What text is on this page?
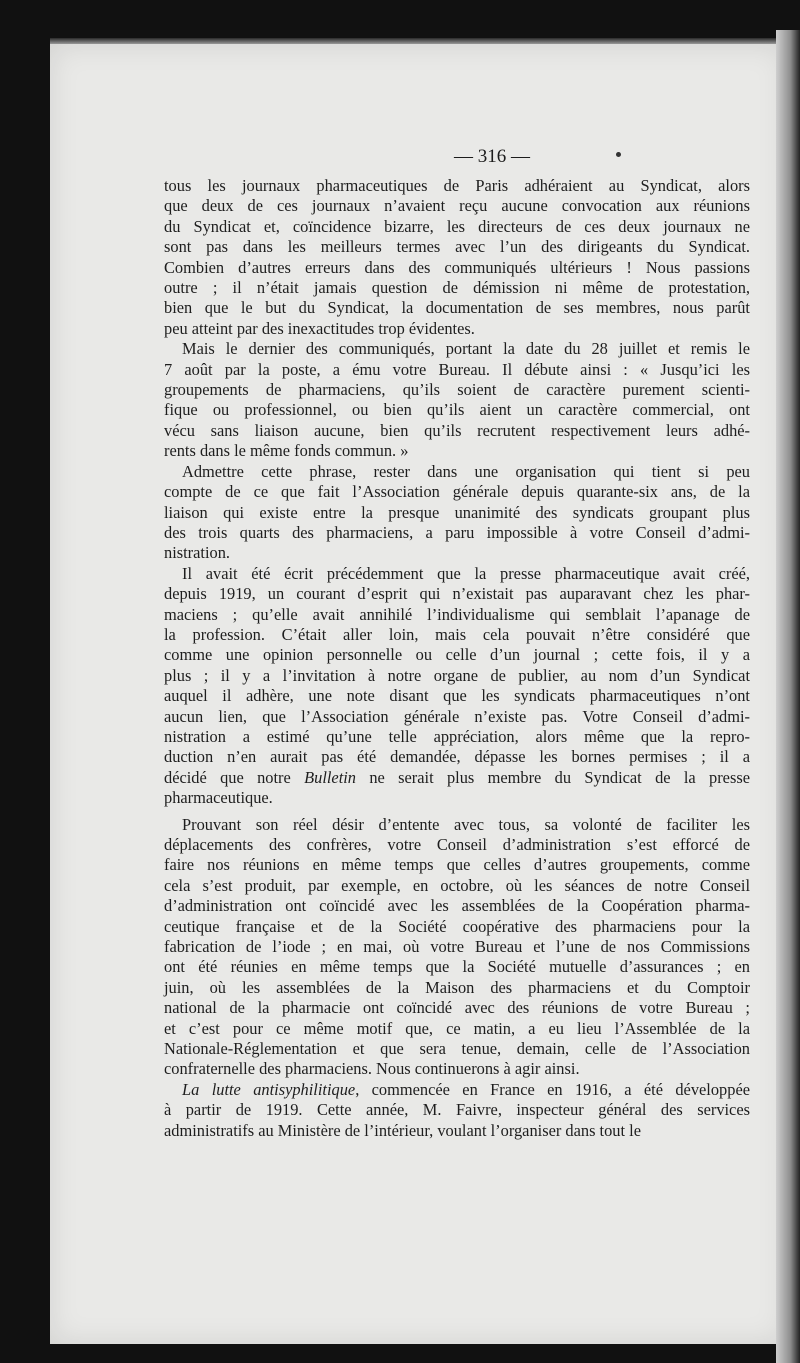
— 316 —
tous les journaux pharmaceutiques de Paris adhéraient au Syndicat, alors
que deux de ces journaux n’avaient reçu aucune convocation aux réunions
du Syndicat et, coïncidence bizarre, les directeurs de ces deux journaux ne
sont pas dans les meilleurs termes avec l’un des dirigeants du Syndicat.
Combien d’autres erreurs dans des communiqués ultérieurs ! Nous passions
outre ; il n’était jamais question de démission ni même de protestation,
bien que le but du Syndicat, la documentation de ses membres, nous parût
peu atteint par des inexactitudes trop évidentes.
Mais le dernier des communiqués, portant la date du 28 juillet et remis le
7 août par la poste, a ému votre Bureau. Il débute ainsi : « Jusqu’ici les
groupements de pharmaciens, qu’ils soient de caractère purement scienti-
fique ou professionnel, ou bien qu’ils aient un caractère commercial, ont
vécu sans liaison aucune, bien qu’ils recrutent respectivement leurs adhé-
rents dans le même fonds commun. »
Admettre cette phrase, rester dans une organisation qui tient si peu
compte de ce que fait l’Association générale depuis quarante-six ans, de la
liaison qui existe entre la presque unanimité des syndicats groupant plus
des trois quarts des pharmaciens, a paru impossible à votre Conseil d’admi-
nistration.
Il avait été écrit précédemment que la presse pharmaceutique avait créé,
depuis 1919, un courant d’esprit qui n’existait pas auparavant chez les phar-
maciens ; qu’elle avait annihilé l’individualisme qui semblait l’apanage de
la profession. C’était aller loin, mais cela pouvait n’être considéré que
comme une opinion personnelle ou celle d’un journal ; cette fois, il y a
plus ; il y a l’invitation à notre organe de publier, au nom d’un Syndicat
auquel il adhère, une note disant que les syndicats pharmaceutiques n’ont
aucun lien, que l’Association générale n’existe pas. Votre Conseil d’admi-
nistration a estimé qu’une telle appréciation, alors même que la repro-
duction n’en aurait pas été demandée, dépasse les bornes permises ; il a
décidé que notre Bulletin ne serait plus membre du Syndicat de la presse
pharmaceutique.
Prouvant son réel désir d’entente avec tous, sa volonté de faciliter les
déplacements des confrères, votre Conseil d’administration s’est efforcé de
faire nos réunions en même temps que celles d’autres groupements, comme
cela s’est produit, par exemple, en octobre, où les séances de notre Conseil
d’administration ont coïncidé avec les assemblées de la Coopération pharma-
ceutique française et de la Société coopérative des pharmaciens pour la
fabrication de l’iode ; en mai, où votre Bureau et l’une de nos Commissions
ont été réunies en même temps que la Société mutuelle d’assurances ; en
juin, où les assemblées de la Maison des pharmaciens et du Comptoir
national de la pharmacie ont coïncidé avec des réunions de votre Bureau ;
et c’est pour ce même motif que, ce matin, a eu lieu l’Assemblée de la
Nationale-Réglementation et que sera tenue, demain, celle de l’Association
confraternelle des pharmaciens. Nous continuerons à agir ainsi.
La lutte antisyphilitique, commencée en France en 1916, a été développée
à partir de 1919. Cette année, M. Faivre, inspecteur général des services
administratifs au Ministère de l’intérieur, voulant l’organiser dans tout le
